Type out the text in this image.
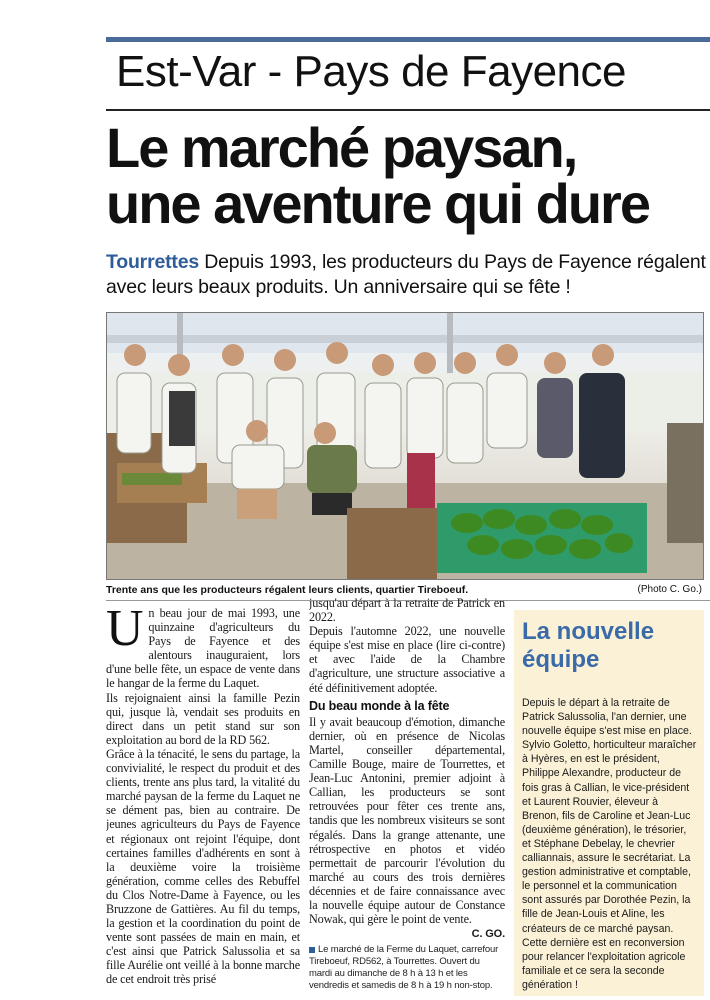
Est-Var - Pays de Fayence
Le marché paysan,
une aventure qui dure
Tourrettes Depuis 1993, les producteurs du Pays de Fayence régalent avec leurs beaux produits. Un anniversaire qui se fête !
Trente ans que les producteurs régalent leurs clients, quartier Tireboeuf.	(Photo C. Go.)

Un beau jour de mai 1993, une quinzaine d'agriculteurs du Pays de Fayence et des alentours inauguraient, lors d'une belle fête, un espace de vente dans le hangar de la ferme du Laquet.

Ils rejoignaient ainsi la famille Pezin qui, jusque là, vendait ses produits en direct dans un petit stand sur son exploitation au bord de la RD 562.

Grâce à la ténacité, le sens du partage, la convivialité, le respect du produit et des clients, trente ans plus tard, la vitalité du marché paysan de la ferme du Laquet ne se dément pas, bien au contraire. De jeunes agriculteurs du Pays de Fayence et régionaux ont rejoint l'équipe, dont certaines familles d'adhérents en sont à la deuxième voire la troisième génération, comme celles des Rebuffel du Clos Notre-Dame à Fayence, ou les Bruzzone de Gattières. Au fil du temps, la gestion et la coordination du point de vente sont passées de main en main, et c'est ainsi que Patrick Salussolia et sa fille Aurélie ont veillé à la bonne marche de cet endroit très prisé

jusqu'au départ à la retraite de Patrick en 2022.

Depuis l'automne 2022, une nouvelle équipe s'est mise en place (lire ci-contre) et avec l'aide de la Chambre d'agriculture, une structure associative a été définitivement adoptée.

Du beau monde à la fête

Il y avait beaucoup d'émotion, dimanche dernier, où en présence de Nicolas Martel, conseiller départemental, Camille Bouge, maire de Tourrettes, et Jean-Luc Antonini, premier adjoint à Callian, les producteurs se sont retrouvées pour fêter ces trente ans, tandis que les nombreux visiteurs se sont régalés. Dans la grange attenante, une rétrospective en photos et vidéo permettait de parcourir l'évolution du marché au cours des trois dernières décennies et de faire connaissance avec la nouvelle équipe autour de Constance Nowak, qui gère le point de vente.

C. GO.
Le marché de la Ferme du Laquet, carrefour Tireboeuf, RD562, à Tourrettes. Ouvert du mardi au dimanche de 8 h à 13 h et les vendredis et samedis de 8 h à 19 h non-stop.
La nouvelle équipe
Depuis le départ à la retraite de Patrick Salussolia, l'an dernier, une nouvelle équipe s'est mise en place. Sylvio Goletto, horticulteur maraîcher à Hyères, en est le président, Philippe Alexandre, producteur de fois gras à Callian, le vice-président et Laurent Rouvier, éleveur à Brenon, fils de Caroline et Jean-Luc (deuxième génération), le trésorier, et Stéphane Debelay, le chevrier calliannais, assure le secrétariat. La gestion administrative et comptable, le personnel et la communication sont assurés par Dorothée Pezin, la fille de Jean-Louis et Aline, les créateurs de ce marché paysan. Cette dernière est en reconversion pour relancer l'exploitation agricole familiale et ce sera la seconde génération !
